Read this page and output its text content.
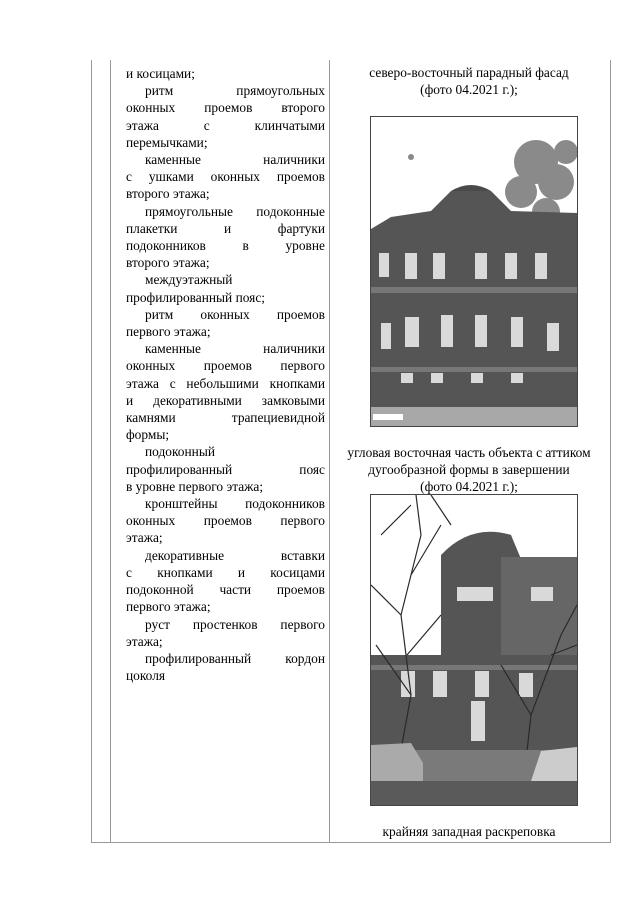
и косицами;

ритм прямоугольных
оконных проемов второго
этажа с клинчатыми
перемычками;

каменные наличники
с ушками оконных проемов
второго этажа;

прямоугольные подоконные
плакетки и фартуки
подоконников в уровне
второго этажа;

междуэтажный
профилированный пояс;

ритм оконных проемов
первого этажа;

каменные наличники
оконных проемов первого
этажа с небольшими кнопками
и декоративными замковыми
камнями трапециевидной
формы;

подоконный
профилированный пояс
в уровне первого этажа;

кронштейны подоконников
оконных проемов первого
этажа;

декоративные вставки
с кнопками и косицами
подоконной части проемов
первого этажа;

руст простенков первого
этажа;

профилированный кордон
цоколя

северо-восточный парадный фасад

(фото 04.2021 г.);

угловая восточная часть объекта с аттиком

дугообразной формы в завершении

(фото 04.2021 г.);

крайняя западная раскреповка
